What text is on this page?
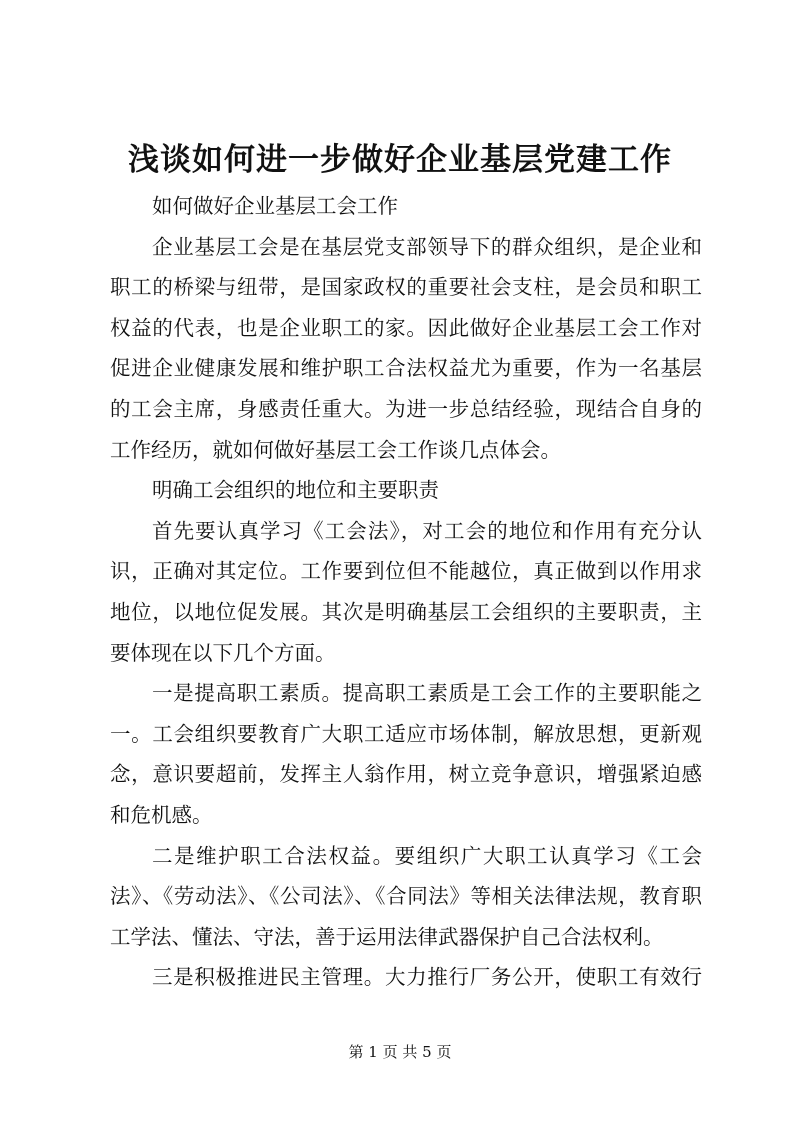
浅谈如何进一步做好企业基层党建工作

如何做好企业基层工会工作

企业基层工会是在基层党支部领导下的群众组织，是企业和

职工的桥梁与纽带，是国家政权的重要社会支柱，是会员和职工

权益的代表，也是企业职工的家。因此做好企业基层工会工作对

促进企业健康发展和维护职工合法权益尤为重要，作为一名基层

的工会主席，身感责任重大。为进一步总结经验，现结合自身的

工作经历，就如何做好基层工会工作谈几点体会。

明确工会组织的地位和主要职责

首先要认真学习《工会法》，对工会的地位和作用有充分认

识，正确对其定位。工作要到位但不能越位，真正做到以作用求

地位，以地位促发展。其次是明确基层工会组织的主要职责，主

要体现在以下几个方面。

一是提高职工素质。提高职工素质是工会工作的主要职能之

一。工会组织要教育广大职工适应市场体制，解放思想，更新观

念，意识要超前，发挥主人翁作用，树立竞争意识，增强紧迫感

和危机感。

二是维护职工合法权益。要组织广大职工认真学习《工会

法》、《劳动法》、《公司法》、《合同法》等相关法律法规，教育职

工学法、懂法、守法，善于运用法律武器保护自己合法权利。

三是积极推进民主管理。大力推行厂务公开，使职工有效行

第 1 页 共 5 页
